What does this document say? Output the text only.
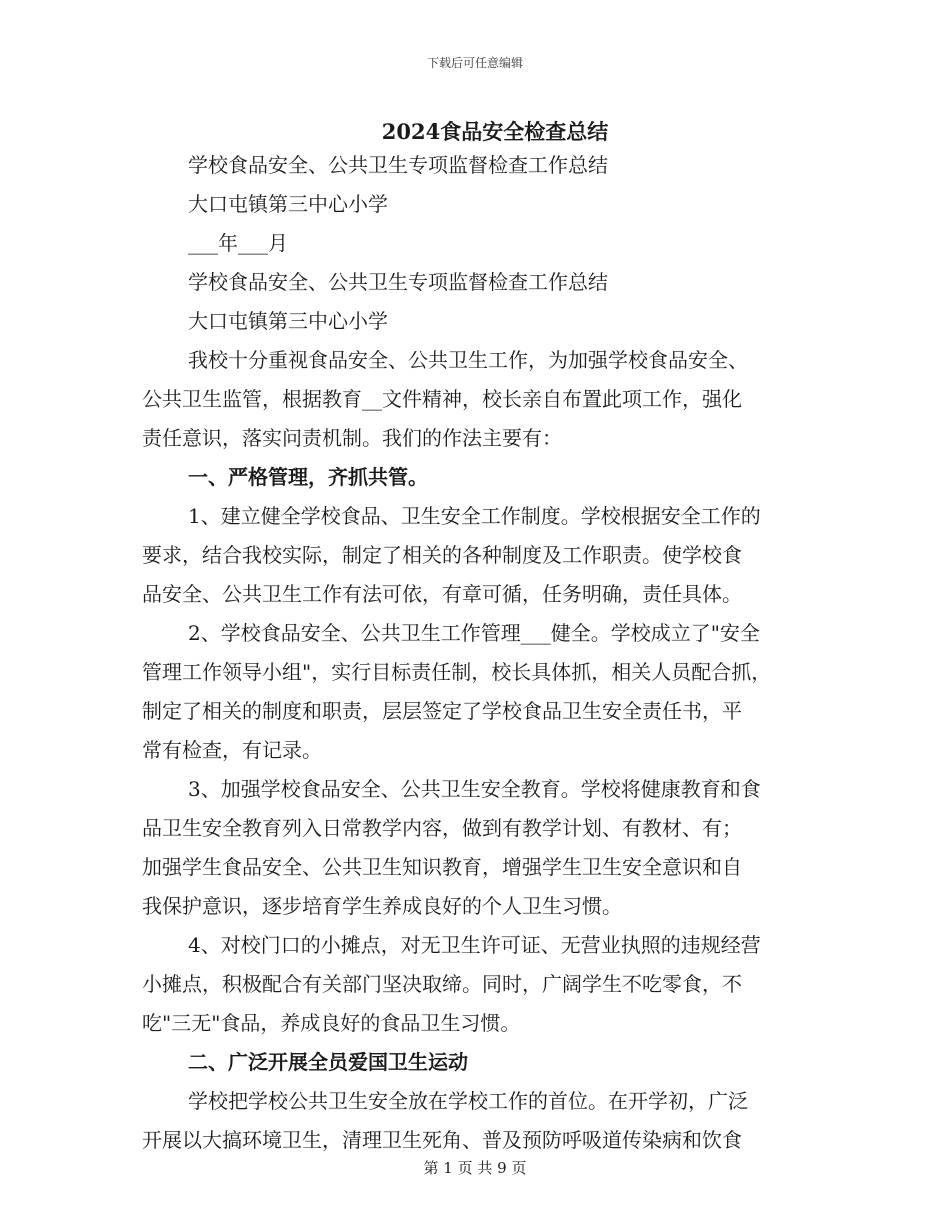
下载后可任意编辑
2024食品安全检查总结
学校食品安全、公共卫生专项监督检查工作总结
大口屯镇第三中心小学
___年___月
学校食品安全、公共卫生专项监督检查工作总结
大口屯镇第三中心小学
我校十分重视食品安全、公共卫生工作，为加强学校食品安全、
公共卫生监管，根据教育__文件精神，校长亲自布置此项工作，强化
责任意识，落实问责机制。我们的作法主要有：
一、严格管理，齐抓共管。
1、建立健全学校食品、卫生安全工作制度。学校根据安全工作的
要求，结合我校实际，制定了相关的各种制度及工作职责。使学校食
品安全、公共卫生工作有法可依，有章可循，任务明确，责任具体。
2、学校食品安全、公共卫生工作管理___健全。学校成立了"安全
管理工作领导小组"，实行目标责任制，校长具体抓，相关人员配合抓，
制定了相关的制度和职责，层层签定了学校食品卫生安全责任书，平
常有检查，有记录。
3、加强学校食品安全、公共卫生安全教育。学校将健康教育和食
品卫生安全教育列入日常教学内容，做到有教学计划、有教材、有；
加强学生食品安全、公共卫生知识教育，增强学生卫生安全意识和自
我保护意识，逐步培育学生养成良好的个人卫生习惯。
4、对校门口的小摊点，对无卫生许可证、无营业执照的违规经营
小摊点，积极配合有关部门坚决取缔。同时，广阔学生不吃零食，不
吃"三无"食品，养成良好的食品卫生习惯。
二、广泛开展全员爱国卫生运动
学校把学校公共卫生安全放在学校工作的首位。在开学初，广泛
开展以大搞环境卫生，清理卫生死角、普及预防呼吸道传染病和饮食
第 1 页 共 9 页
